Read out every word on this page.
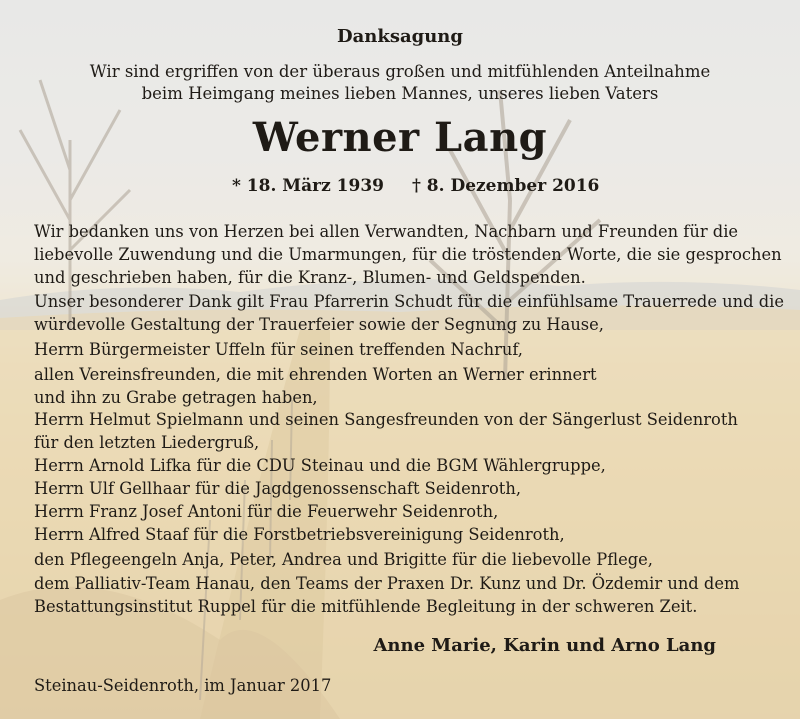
Danksagung
Wir sind ergriffen von der überaus großen und mitfühlenden Anteilnahme
beim Heimgang meines lieben Mannes, unseres lieben Vaters
Werner Lang
* 18. März 1939 † 8. Dezember 2016
Wir bedanken uns von Herzen bei allen Verwandten, Nachbarn und Freunden für die
liebevolle Zuwendung und die Umarmungen, für die tröstenden Worte, die sie gesprochen
und geschrieben haben, für die Kranz-, Blumen- und Geldspenden.
Unser besonderer Dank gilt Frau Pfarrerin Schudt für die einfühlsame Trauerrede und die
würdevolle Gestaltung der Trauerfeier sowie der Segnung zu Hause,
Herrn Bürgermeister Uffeln für seinen treffenden Nachruf,
allen Vereinsfreunden, die mit ehrenden Worten an Werner erinnert
und ihn zu Grabe getragen haben,
Herrn Helmut Spielmann und seinen Sangesfreunden von der Sängerlust Seidenroth
für den letzten Liedergruß,
Herrn Arnold Lifka für die CDU Steinau und die BGM Wählergruppe,
Herrn Ulf Gellhaar für die Jagdgenossenschaft Seidenroth,
Herrn Franz Josef Antoni für die Feuerwehr Seidenroth,
Herrn Alfred Staaf für die Forstbetriebsvereinigung Seidenroth,
den Pflegeengeln Anja, Peter, Andrea und Brigitte für die liebevolle Pflege,
dem Palliativ-Team Hanau, den Teams der Praxen Dr. Kunz und Dr. Özdemir und dem
Bestattungsinstitut Ruppel für die mitfühlende Begleitung in der schweren Zeit.
Anne Marie, Karin und Arno Lang
Steinau-Seidenroth, im Januar 2017
